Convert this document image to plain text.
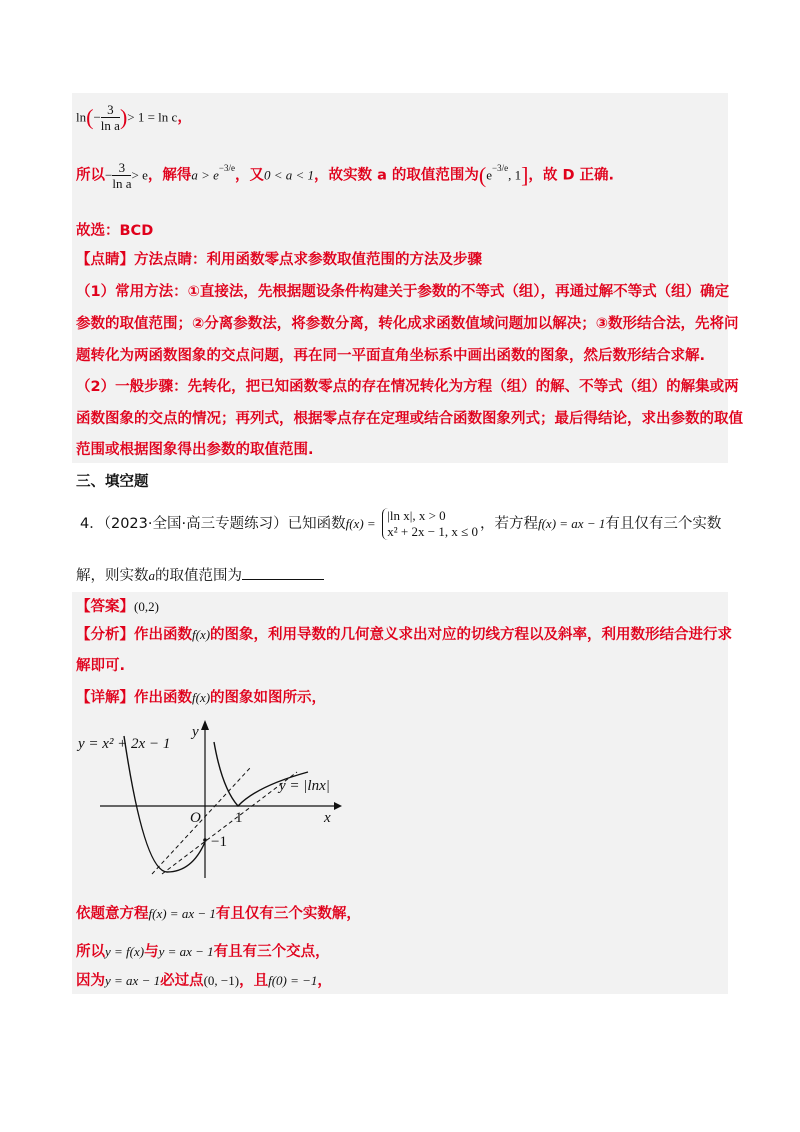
$\ln(- \frac{3}{\text{ln a}}$ )> 1 = ln c，
所以− $\frac{3}{\text{ln a}} > e$，解得$a > e^{-3/e}$，又0 < a < 1，故实数 a 的取值范围为($e^{-3/e}$, 1]，故 D 正确.
故选：BCD
【点睛】方法点睛：利用函数零点求参数取值范围的方法及步骤
（1）常用方法：①直接法，先根据题设条件构建关于参数的不等式（组），再通过解不等式（组）确定
参数的取值范围；②分离参数法，将参数分离，转化成求函数值域问题加以解决；③数形结合法，先将问
题转化为两函数图象的交点问题，再在同一平面直角坐标系中画出函数的图象，然后数形结合求解.
（2）一般步骤：先转化，把已知函数零点的存在情况转化为方程（组）的解、不等式（组）的解集或两
函数图象的交点的情况；再列式，根据零点存在定理或结合函数图象列式；最后得结论，求出参数的取值
范围或根据图象得出参数的取值范围.
三、填空题
4．（2023·全国·高三专题练习）已知函数f(x) =
|ln x|, x > 0
x² + 2x − 1, x ≤ 0 ，若方程f(x) = ax − 1有且仅有三个实数
解，则实数a的取值范围为
【答案】(0,2)
【分析】作出函数f(x)的图象，利用导数的几何意义求出对应的切线方程以及斜率，利用数形结合进行求
解即可.
【详解】作出函数f(x)的图象如图所示，
y = x² + 2x − 1
y
y = |lnx|
O 1	x
−1
依题意方程f(x) = ax − 1有且仅有三个实数解，
所以y = f(x)与y = ax − 1有且有三个交点，
因为y = ax − 1必过点(0, −1)，且f(0) = −1，
